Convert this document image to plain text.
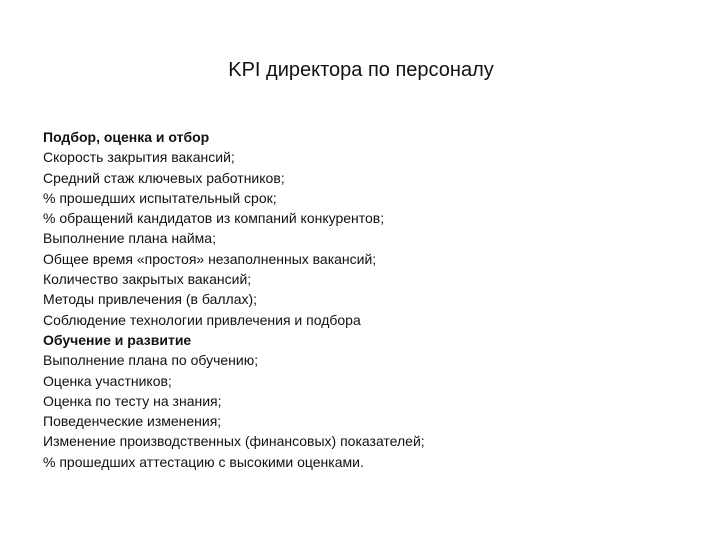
KPI директора по персоналу
Подбор, оценка и отбор
Скорость закрытия вакансий;
Средний стаж ключевых работников;
% прошедших испытательный срок;
% обращений кандидатов из компаний конкурентов;
Выполнение плана найма;
Общее время «простоя» незаполненных вакансий;
Количество закрытых вакансий;
Методы привлечения (в баллах);
Соблюдение технологии привлечения и подбора
Обучение и развитие
Выполнение плана по обучению;
Оценка участников;
Оценка по тесту на знания;
Поведенческие изменения;
Изменение производственных (финансовых) показателей;
% прошедших аттестацию с высокими оценками.
